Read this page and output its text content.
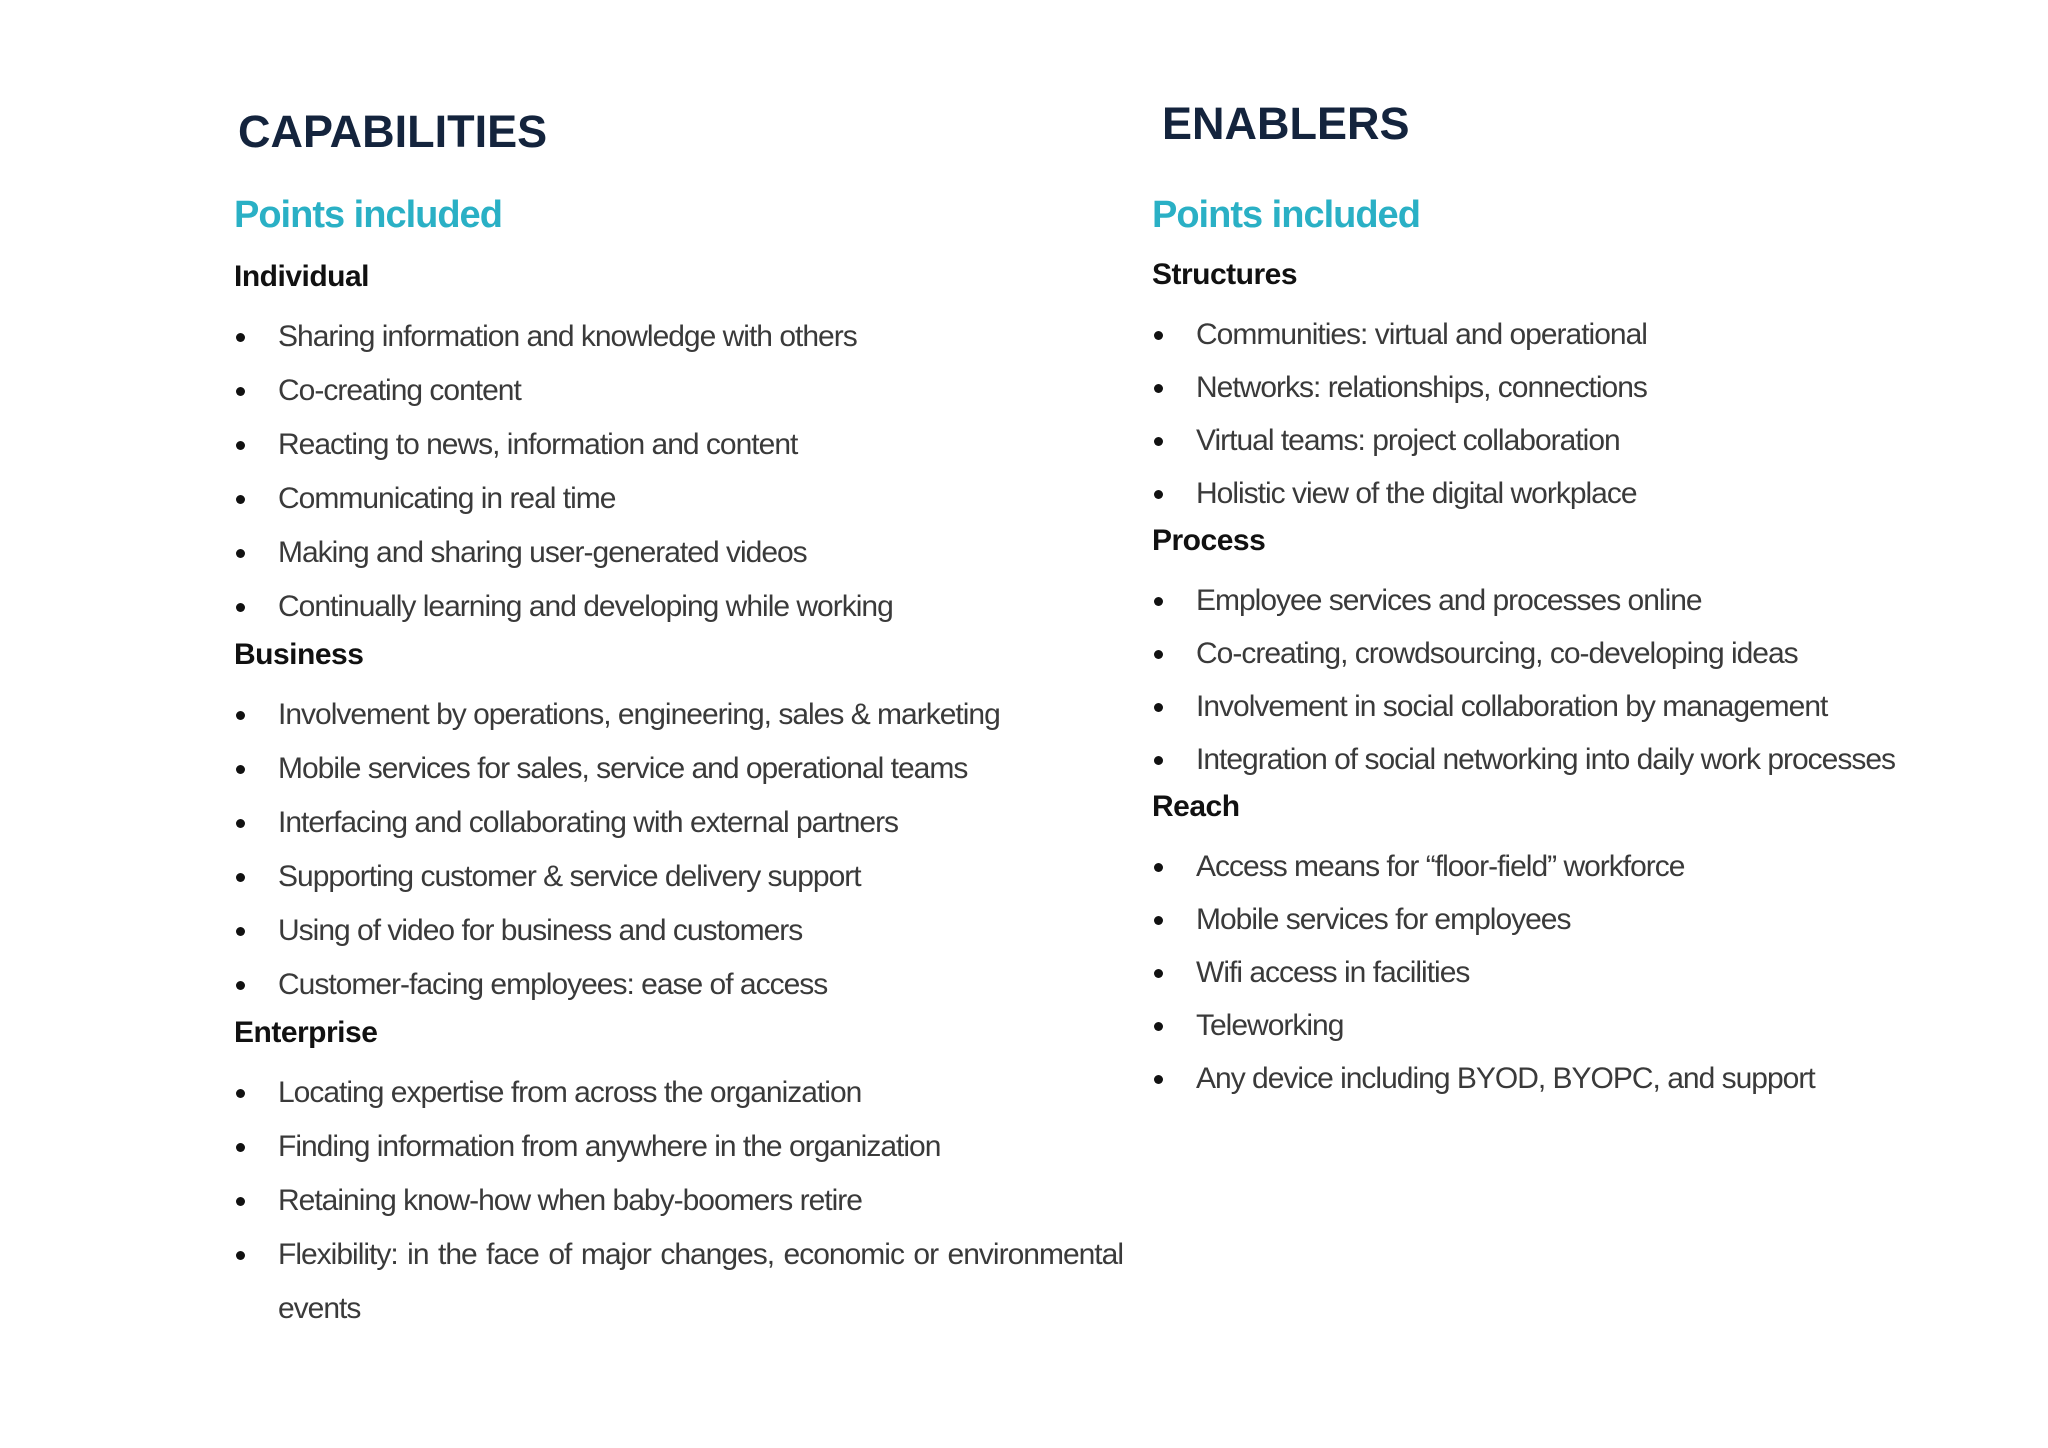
CAPABILITIES
Points included
Individual
Sharing information and knowledge with others
Co-creating content
Reacting to news, information and content
Communicating in real time
Making and sharing user-generated videos
Continually learning and developing while working
Business
Involvement by operations, engineering, sales & marketing
Mobile services for sales, service and operational teams
Interfacing and collaborating with external partners
Supporting customer & service delivery support
Using of video for business and customers
Customer-facing employees: ease of access
Enterprise
Locating expertise from across the organization
Finding information from anywhere in the organization
Retaining know-how when baby-boomers retire
Flexibility: in the face of major changes, economic or environmental events
ENABLERS
Points included
Structures
Communities: virtual and operational
Networks: relationships, connections
Virtual teams: project collaboration
Holistic view of the digital workplace
Process
Employee services and processes online
Co-creating, crowdsourcing, co-developing ideas
Involvement in social collaboration by management
Integration of social networking into daily work processes
Reach
Access means for “floor-field” workforce
Mobile services for employees
Wifi access in facilities
Teleworking
Any device including BYOD, BYOPC, and support
